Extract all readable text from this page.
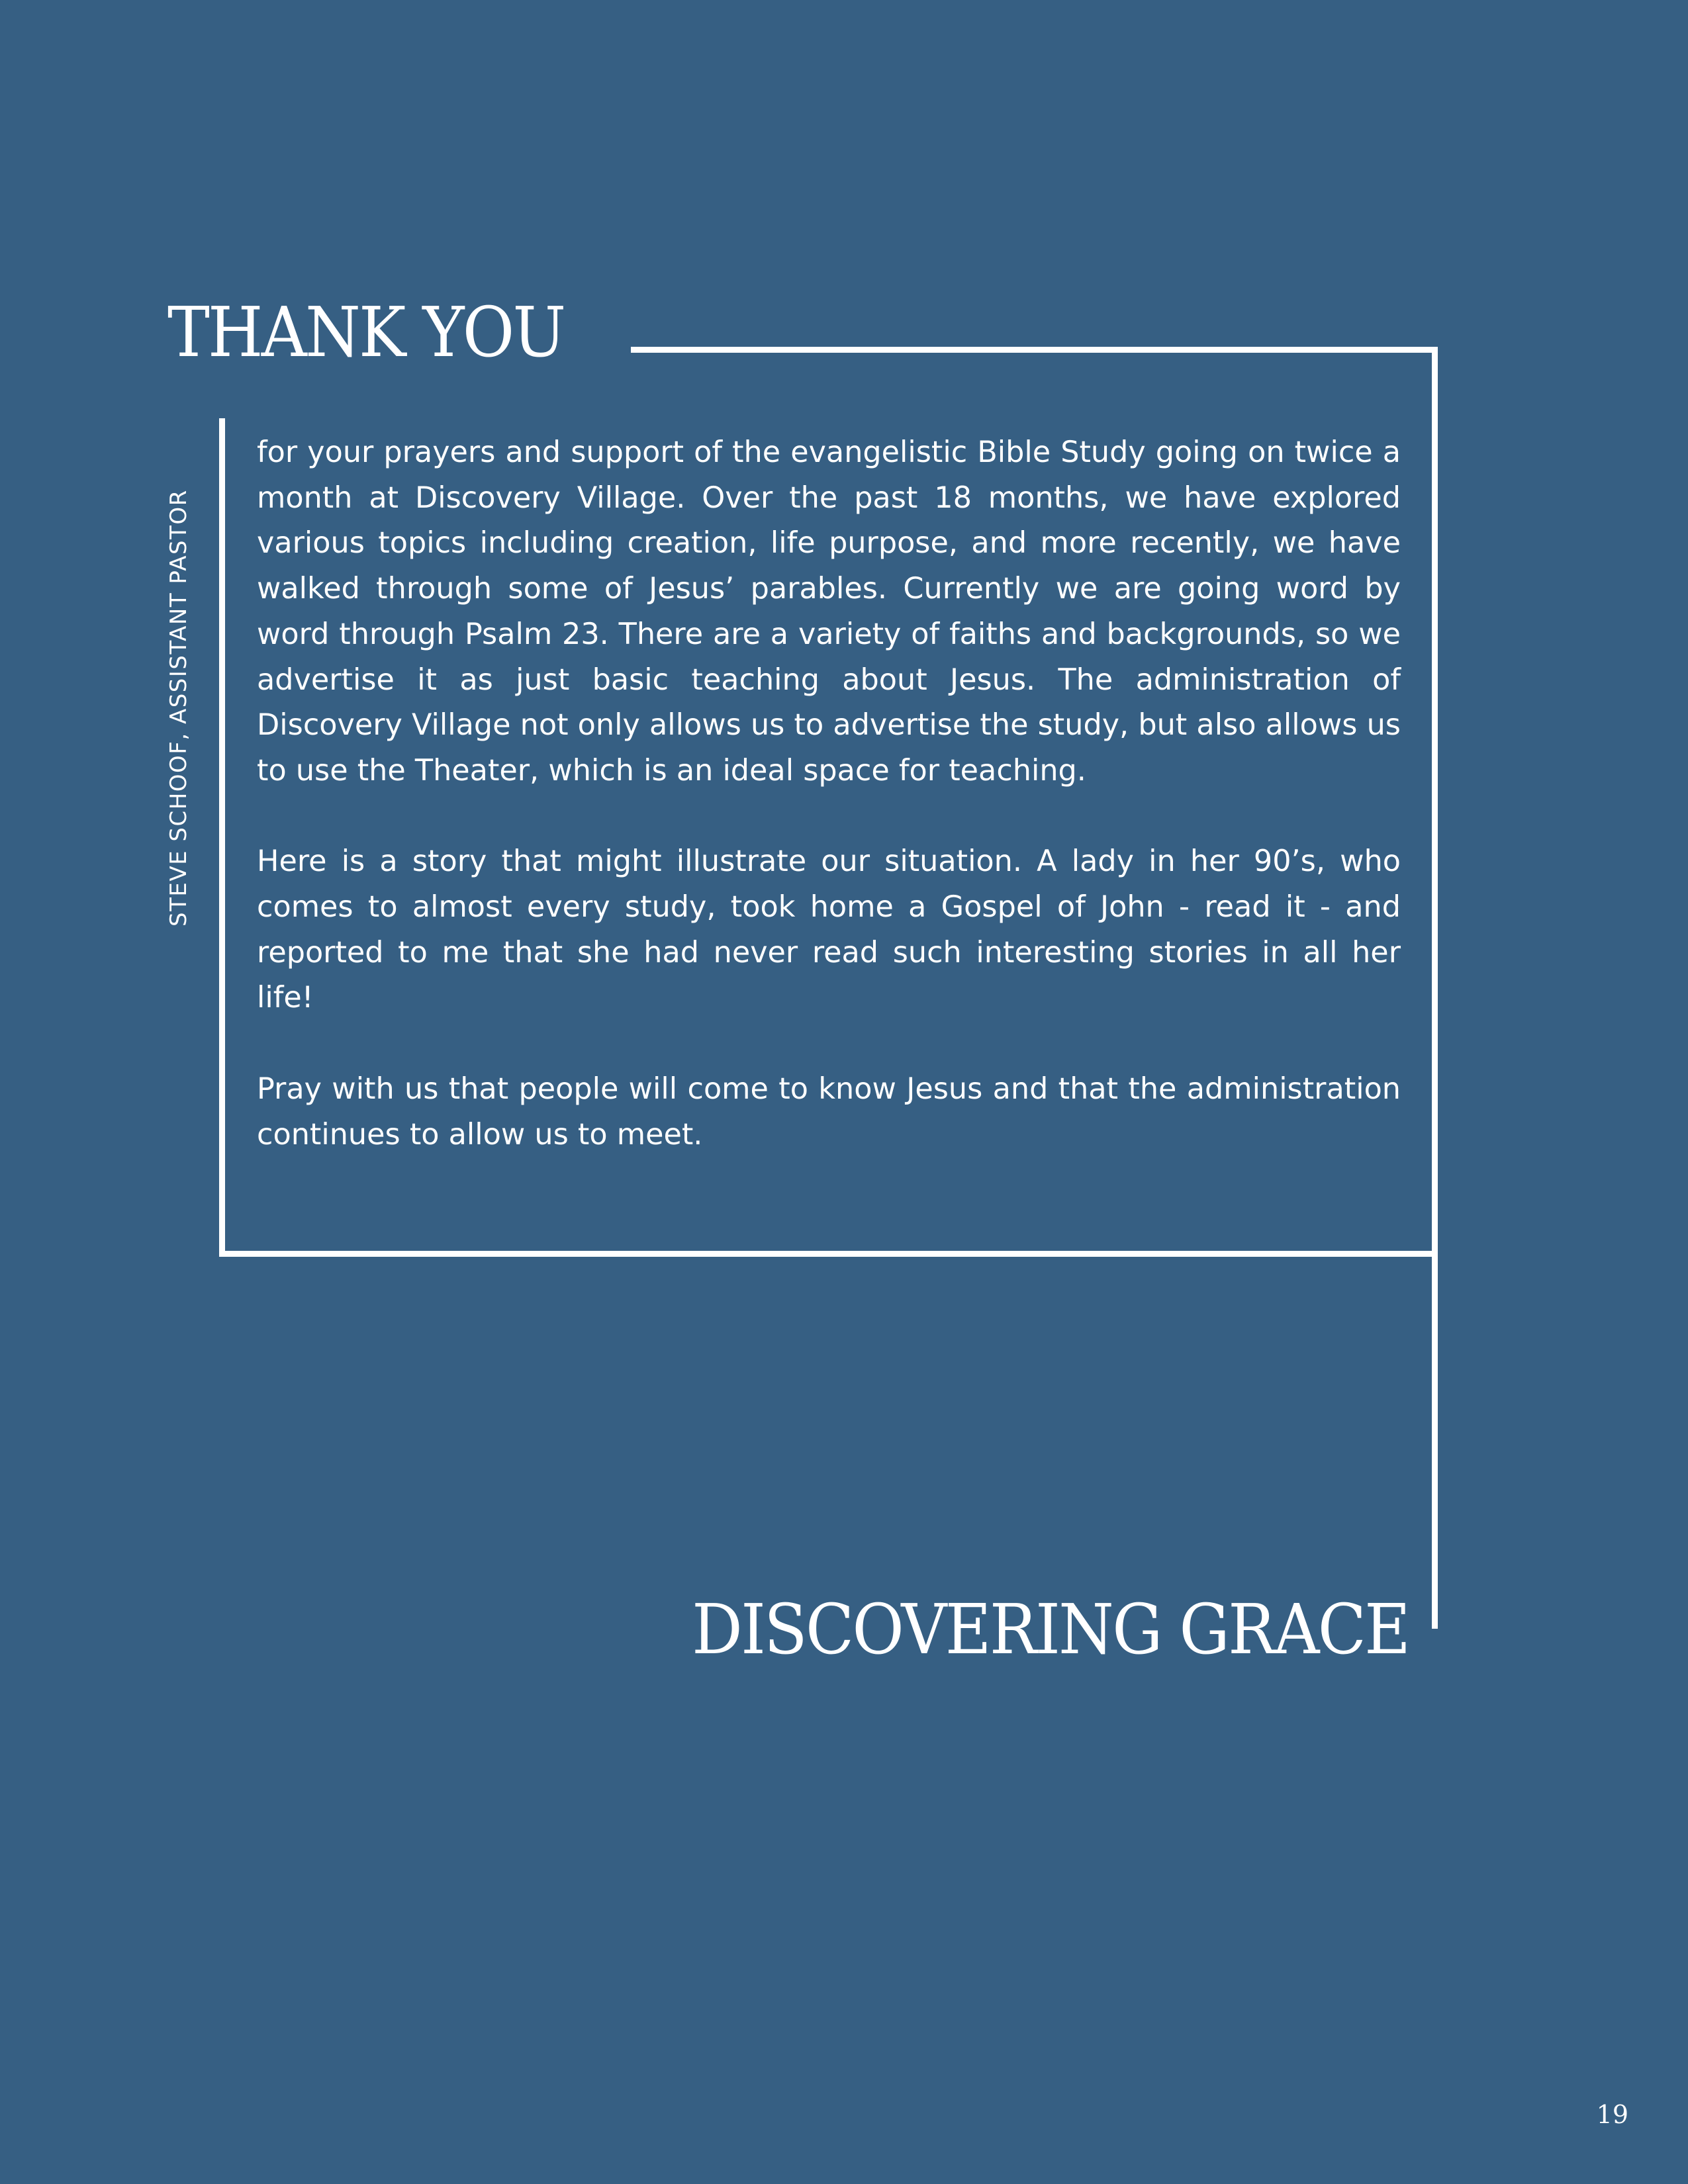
THANK YOU
STEVE SCHOOF, ASSISTANT PASTOR

for your prayers and support of the evangelistic Bible Study going on twice a month at Discovery Village. Over the past 18 months, we have explored various topics including creation, life purpose, and more recently, we have walked through some of Jesus’ parables. Currently we are going word by word through Psalm 23. There are a variety of faiths and backgrounds, so we advertise it as just basic teaching about Jesus. The administration of Discovery Village not only allows us to advertise the study, but also allows us to use the Theater, which is an ideal space for teaching.

Here is a story that might illustrate our situation. A lady in her 90’s, who comes to almost every study, took home a Gospel of John - read it - and reported to me that she had never read such interesting stories in all her life!

Pray with us that people will come to know Jesus and that the administration continues to allow us to meet.

DISCOVERING GRACE
19
